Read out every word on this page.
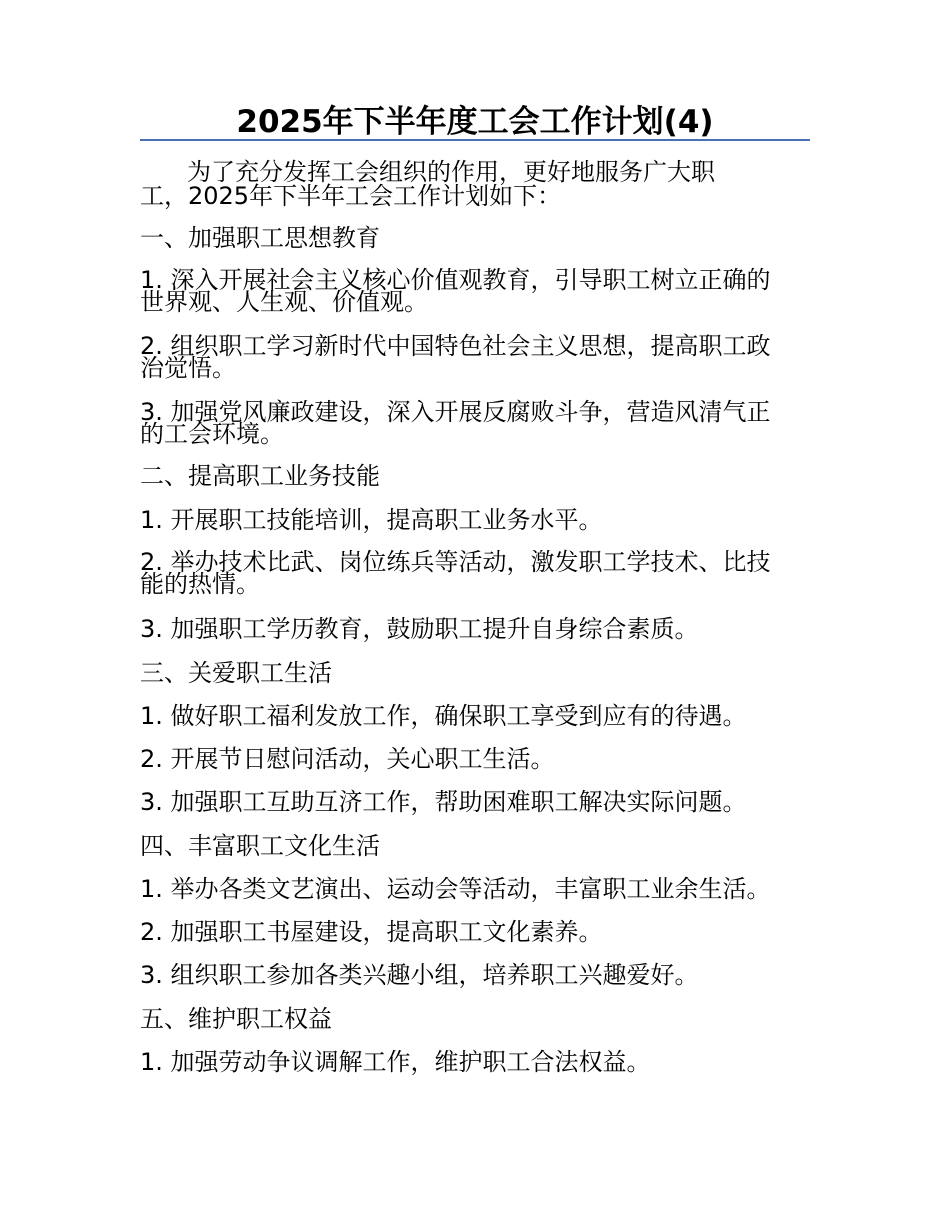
2025年下半年度工会工作计划(4)
为了充分发挥工会组织的作用，更好地服务广大职
工，2025年下半年工会工作计划如下：
一、加强职工思想教育
1. 深入开展社会主义核心价值观教育，引导职工树立正确的
世界观、人生观、价值观。
2. 组织职工学习新时代中国特色社会主义思想，提高职工政
治觉悟。
3. 加强党风廉政建设，深入开展反腐败斗争，营造风清气正
的工会环境。
二、提高职工业务技能
1. 开展职工技能培训，提高职工业务水平。
2. 举办技术比武、岗位练兵等活动，激发职工学技术、比技
能的热情。
3. 加强职工学历教育，鼓励职工提升自身综合素质。
三、关爱职工生活
1. 做好职工福利发放工作，确保职工享受到应有的待遇。
2. 开展节日慰问活动，关心职工生活。
3. 加强职工互助互济工作，帮助困难职工解决实际问题。
四、丰富职工文化生活
1. 举办各类文艺演出、运动会等活动，丰富职工业余生活。
2. 加强职工书屋建设，提高职工文化素养。
3. 组织职工参加各类兴趣小组，培养职工兴趣爱好。
五、维护职工权益
1. 加强劳动争议调解工作，维护职工合法权益。
